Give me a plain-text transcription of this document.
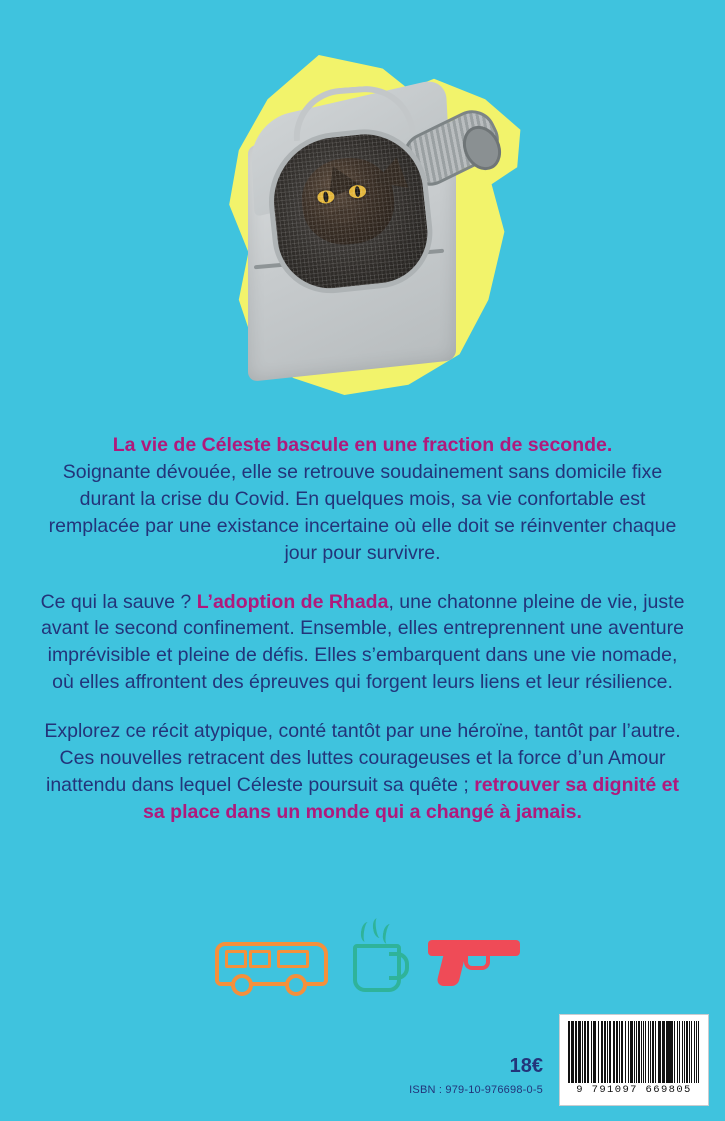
La vie de Céleste bascule en une fraction de seconde.
Soignante dévouée, elle se retrouve soudainement sans domicile fixe durant la crise du Covid. En quelques mois, sa vie confortable est remplacée par une existance incertaine où elle doit se réinventer chaque jour pour survivre.

Ce qui la sauve ? L’adoption de Rhada, une chatonne pleine de vie, juste avant le second confinement. Ensemble, elles entreprennent une aventure imprévisible et pleine de défis. Elles s’embarquent dans une vie nomade, où elles affrontent des épreuves qui forgent leurs liens et leur résilience.

Explorez ce récit atypique, conté tantôt par une héroïne, tantôt par l’autre. Ces nouvelles retracent des luttes courageuses et la force d’un Amour inattendu dans lequel Céleste poursuit sa quête ; retrouver sa dignité et sa place dans un monde qui a changé à jamais.

18€
ISBN : 979-10-976698-0-5	9 791097 669805
